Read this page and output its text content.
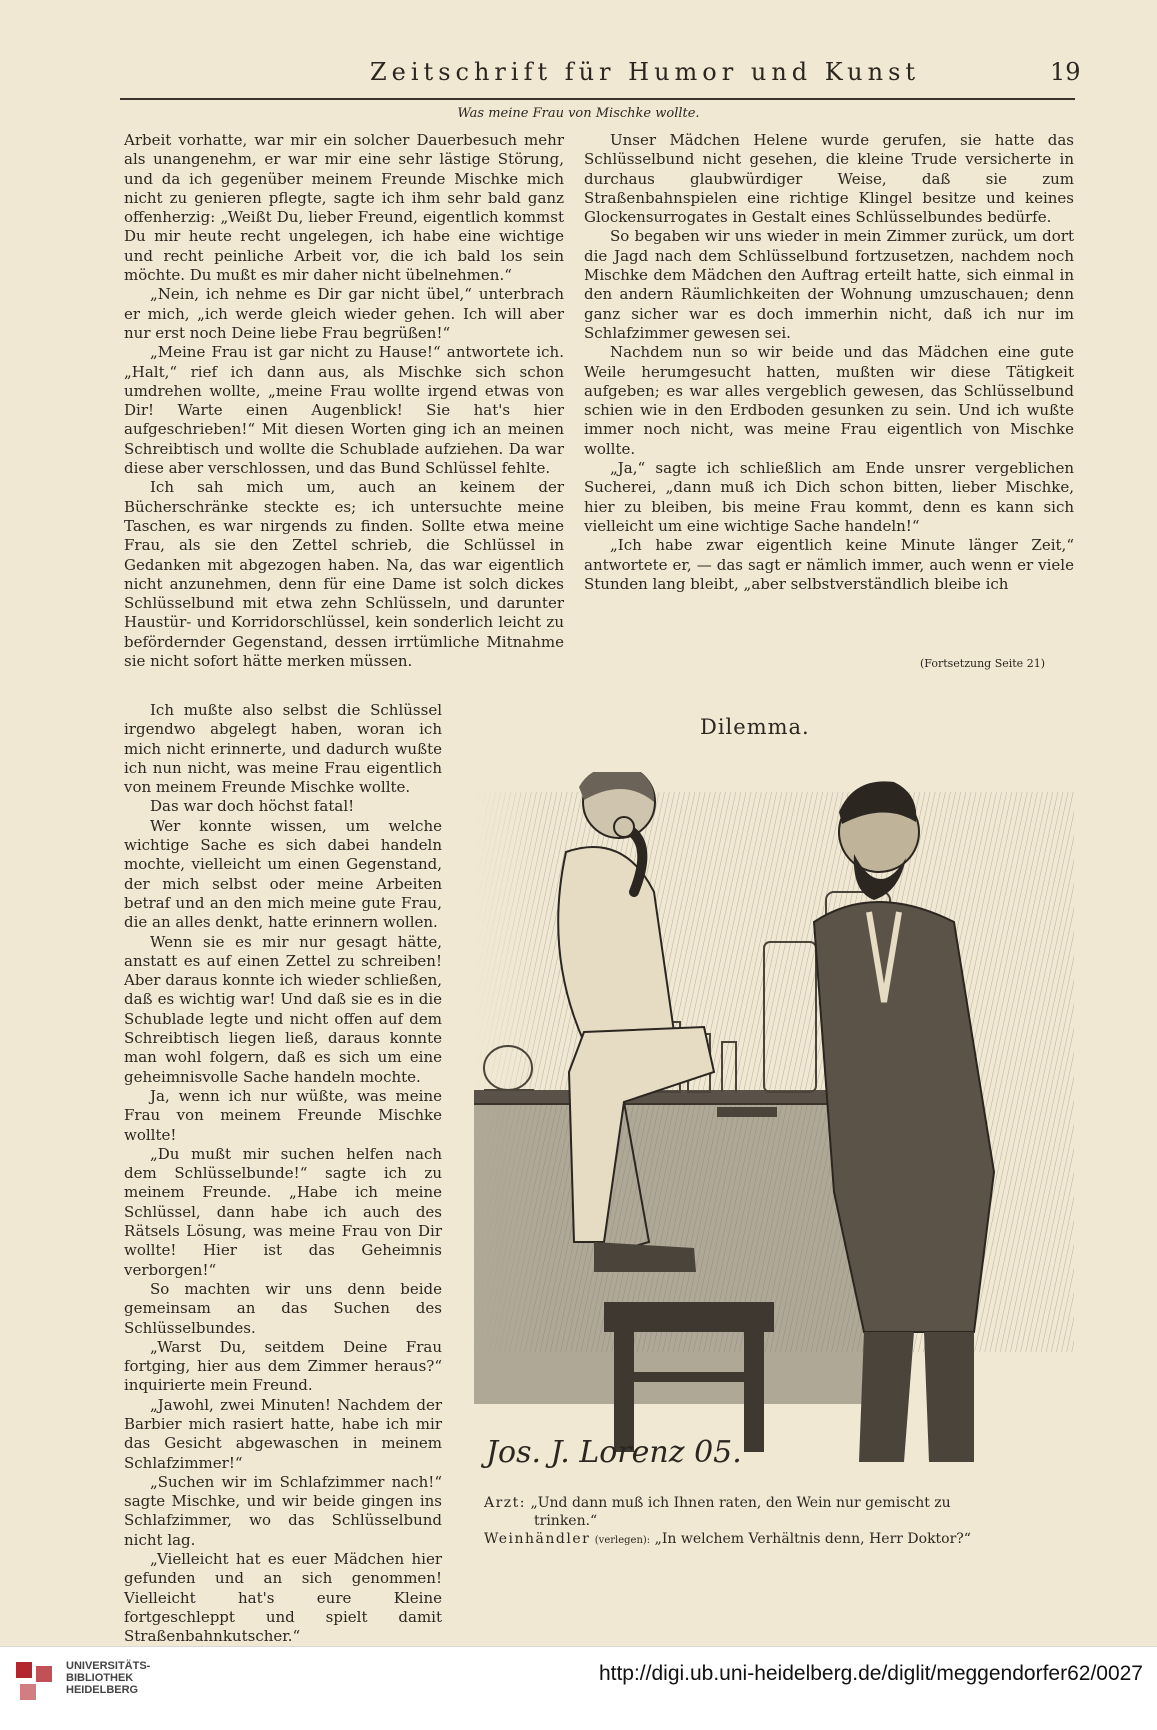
Zeitschrift für Humor und Kunst	19
Was meine Frau von Mischke wollte.

Arbeit vorhatte, war mir ein solcher Dauerbesuch mehr als unangenehm, er war mir eine sehr lästige Störung, und da ich gegenüber meinem Freunde Mischke mich nicht zu genieren pflegte, sagte ich ihm sehr bald ganz offenherzig: „Weißt Du, lieber Freund, eigentlich kommst Du mir heute recht ungelegen, ich habe eine wichtige und recht peinliche Arbeit vor, die ich bald los sein möchte. Du mußt es mir daher nicht übelnehmen.“

„Nein, ich nehme es Dir gar nicht übel,“ unterbrach er mich, „ich werde gleich wieder gehen. Ich will aber nur erst noch Deine liebe Frau begrüßen!“

„Meine Frau ist gar nicht zu Hause!“ antwortete ich. „Halt,“ rief ich dann aus, als Mischke sich schon umdrehen wollte, „meine Frau wollte irgend etwas von Dir! Warte einen Augenblick! Sie hat's hier aufgeschrieben!“ Mit diesen Worten ging ich an meinen Schreibtisch und wollte die Schublade aufziehen. Da war diese aber verschlossen, und das Bund Schlüssel fehlte.

Ich sah mich um, auch an keinem der Bücherschränke steckte es; ich untersuchte meine Taschen, es war nirgends zu finden. Sollte etwa meine Frau, als sie den Zettel schrieb, die Schlüssel in Gedanken mit abgezogen haben. Na, das war eigentlich nicht anzunehmen, denn für eine Dame ist solch dickes Schlüsselbund mit etwa zehn Schlüsseln, und darunter Haustür- und Korridorschlüssel, kein sonderlich leicht zu befördernder Gegenstand, dessen irrtümliche Mitnahme sie nicht sofort hätte merken müssen.

Ich mußte also selbst die Schlüssel irgendwo abgelegt haben, woran ich mich nicht erinnerte, und dadurch wußte ich nun nicht, was meine Frau eigentlich von meinem Freunde Mischke wollte.

Das war doch höchst fatal!

Wer konnte wissen, um welche wichtige Sache es sich dabei handeln mochte, vielleicht um einen Gegenstand, der mich selbst oder meine Arbeiten betraf und an den mich meine gute Frau, die an alles denkt, hatte erinnern wollen.

Wenn sie es mir nur gesagt hätte, anstatt es auf einen Zettel zu schreiben! Aber daraus konnte ich wieder schließen, daß es wichtig war! Und daß sie es in die Schublade legte und nicht offen auf dem Schreibtisch liegen ließ, daraus konnte man wohl folgern, daß es sich um eine geheimnisvolle Sache handeln mochte.

Ja, wenn ich nur wüßte, was meine Frau von meinem Freunde Mischke wollte!

„Du mußt mir suchen helfen nach dem Schlüsselbunde!“ sagte ich zu meinem Freunde. „Habe ich meine Schlüssel, dann habe ich auch des Rätsels Lösung, was meine Frau von Dir wollte! Hier ist das Geheimnis verborgen!“

So machten wir uns denn beide gemeinsam an das Suchen des Schlüsselbundes.

„Warst Du, seitdem Deine Frau fortging, hier aus dem Zimmer heraus?“ inquirierte mein Freund.

„Jawohl, zwei Minuten! Nachdem der Barbier mich rasiert hatte, habe ich mir das Gesicht abgewaschen in meinem Schlafzimmer!“

„Suchen wir im Schlafzimmer nach!“ sagte Mischke, und wir beide gingen ins Schlafzimmer, wo das Schlüsselbund nicht lag.

„Vielleicht hat es euer Mädchen hier gefunden und an sich genommen! Vielleicht hat's eure Kleine fortgeschleppt und spielt damit Straßenbahnkutscher.“

Unser Mädchen Helene wurde gerufen, sie hatte das Schlüsselbund nicht gesehen, die kleine Trude versicherte in durchaus glaubwürdiger Weise, daß sie zum Straßenbahnspielen eine richtige Klingel besitze und keines Glockensurrogates in Gestalt eines Schlüsselbundes bedürfe.

So begaben wir uns wieder in mein Zimmer zurück, um dort die Jagd nach dem Schlüsselbund fortzusetzen, nachdem noch Mischke dem Mädchen den Auftrag erteilt hatte, sich einmal in den andern Räumlichkeiten der Wohnung umzuschauen; denn ganz sicher war es doch immerhin nicht, daß ich nur im Schlafzimmer gewesen sei.

Nachdem nun so wir beide und das Mädchen eine gute Weile herumgesucht hatten, mußten wir diese Tätigkeit aufgeben; es war alles vergeblich gewesen, das Schlüsselbund schien wie in den Erdboden gesunken zu sein. Und ich wußte immer noch nicht, was meine Frau eigentlich von Mischke wollte.

„Ja,“ sagte ich schließlich am Ende unsrer vergeblichen Sucherei, „dann muß ich Dich schon bitten, lieber Mischke, hier zu bleiben, bis meine Frau kommt, denn es kann sich vielleicht um eine wichtige Sache handeln!“

„Ich habe zwar eigentlich keine Minute länger Zeit,“ antwortete er, — das sagt er nämlich immer, auch wenn er viele Stunden lang bleibt, „aber selbstverständlich bleibe ich

(Fortsetzung Seite 21)
Dilemma.
Jos. J. Lorenz 05.
Arzt: „Und dann muß ich Ihnen raten, den Wein nur gemischt zu
trinken.“
Weinhändler (verlegen): „In welchem Verhältnis denn, Herr Doktor?“
UNIVERSITÄTS-
BIBLIOTHEK
HEIDELBERG
http://digi.ub.uni-heidelberg.de/diglit/meggendorfer62/0027
